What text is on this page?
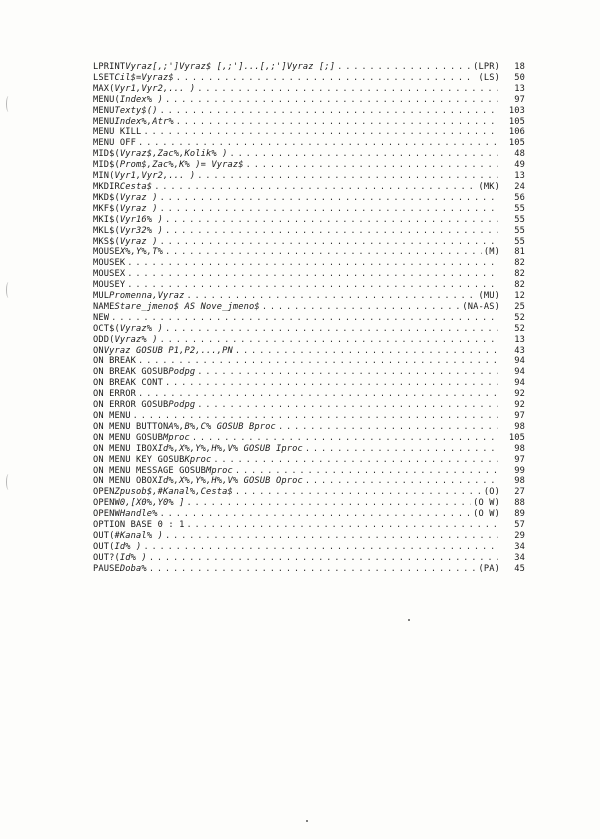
LPRINT Vyraz[,;']Vyraz$ [,;']...[,;']Vyraz [;] . . .	(LPR)	18
LSET Cil$=Vyraz$ . . .	(LS)	50
MAX( Vyr1,Vyr2,... ) . . .	13
MENU( Index% ) . . .	97
MENU Texty$() . . .	103
MENU Index%,Atr% . . .	105
MENU KILL . . .	106
MENU OFF . . .	105
MID$( Vyraz$,Zac%,Kolik% ) . . .	48
MID$( Prom$,Zac%,K% )= Vyraz$ . . .	49
MIN( Vyr1,Vyr2,... ) . . .	13
MKDIR Cesta$ . . .	(MK)	24
MKD$( Vyraz ) . . .	56
MKF$( Vyraz ) . . .	55
MKI$( Vyr16% ) . . .	55
MKL$( Vyr32% ) . . .	55
MKS$( Vyraz ) . . .	55
MOUSE X%,Y%,T% . . .	(M)	81
MOUSEK . . .	82
MOUSEX . . .	82
MOUSEY . . .	82
MUL Promenna,Vyraz . . .	(MU)	12
NAME Stare_jmeno$ AS Nove_jmeno$ . . .	(NA-AS)	25
NEW . . .	52
OCT$( Vyraz% ) . . .	52
ODD( Vyraz% ) . . .	13
ON Vyraz GOSUB P1,P2,...,PN . . .	43
ON BREAK . . .	94
ON BREAK GOSUB Podpg . . .	94
ON BREAK CONT . . .	94
ON ERROR . . .	92
ON ERROR GOSUB Podpg . . .	92
ON MENU . . .	97
ON MENU BUTTON A%,B%,C% GOSUB Bproc . . .	98
ON MENU GOSUB Mproc . . .	105
ON MENU IBOX Id%,X%,Y%,H%,V% GOSUB Iproc . . .	98
ON MENU KEY GOSUB Kproc . . .	97
ON MENU MESSAGE GOSUB Mproc . . .	99
ON MENU OBOX Id%,X%,Y%,H%,V% GOSUB Oproc . . .	98
OPEN Zpusob$,#Kanal%,Cesta$ . . .	(O)	27
OPENW 0,[X0%,Y0% ] . . .	(O W)	88
OPENW Handle% . . .	(O W)	89
OPTION BASE 0 : 1 . . .	57
OUT( #Kanal% ) . . .	29
OUT( Id% ) . . .	34
OUT?( Id% ) . . .	34
PAUSE Doba% . . .	(PA)	45
